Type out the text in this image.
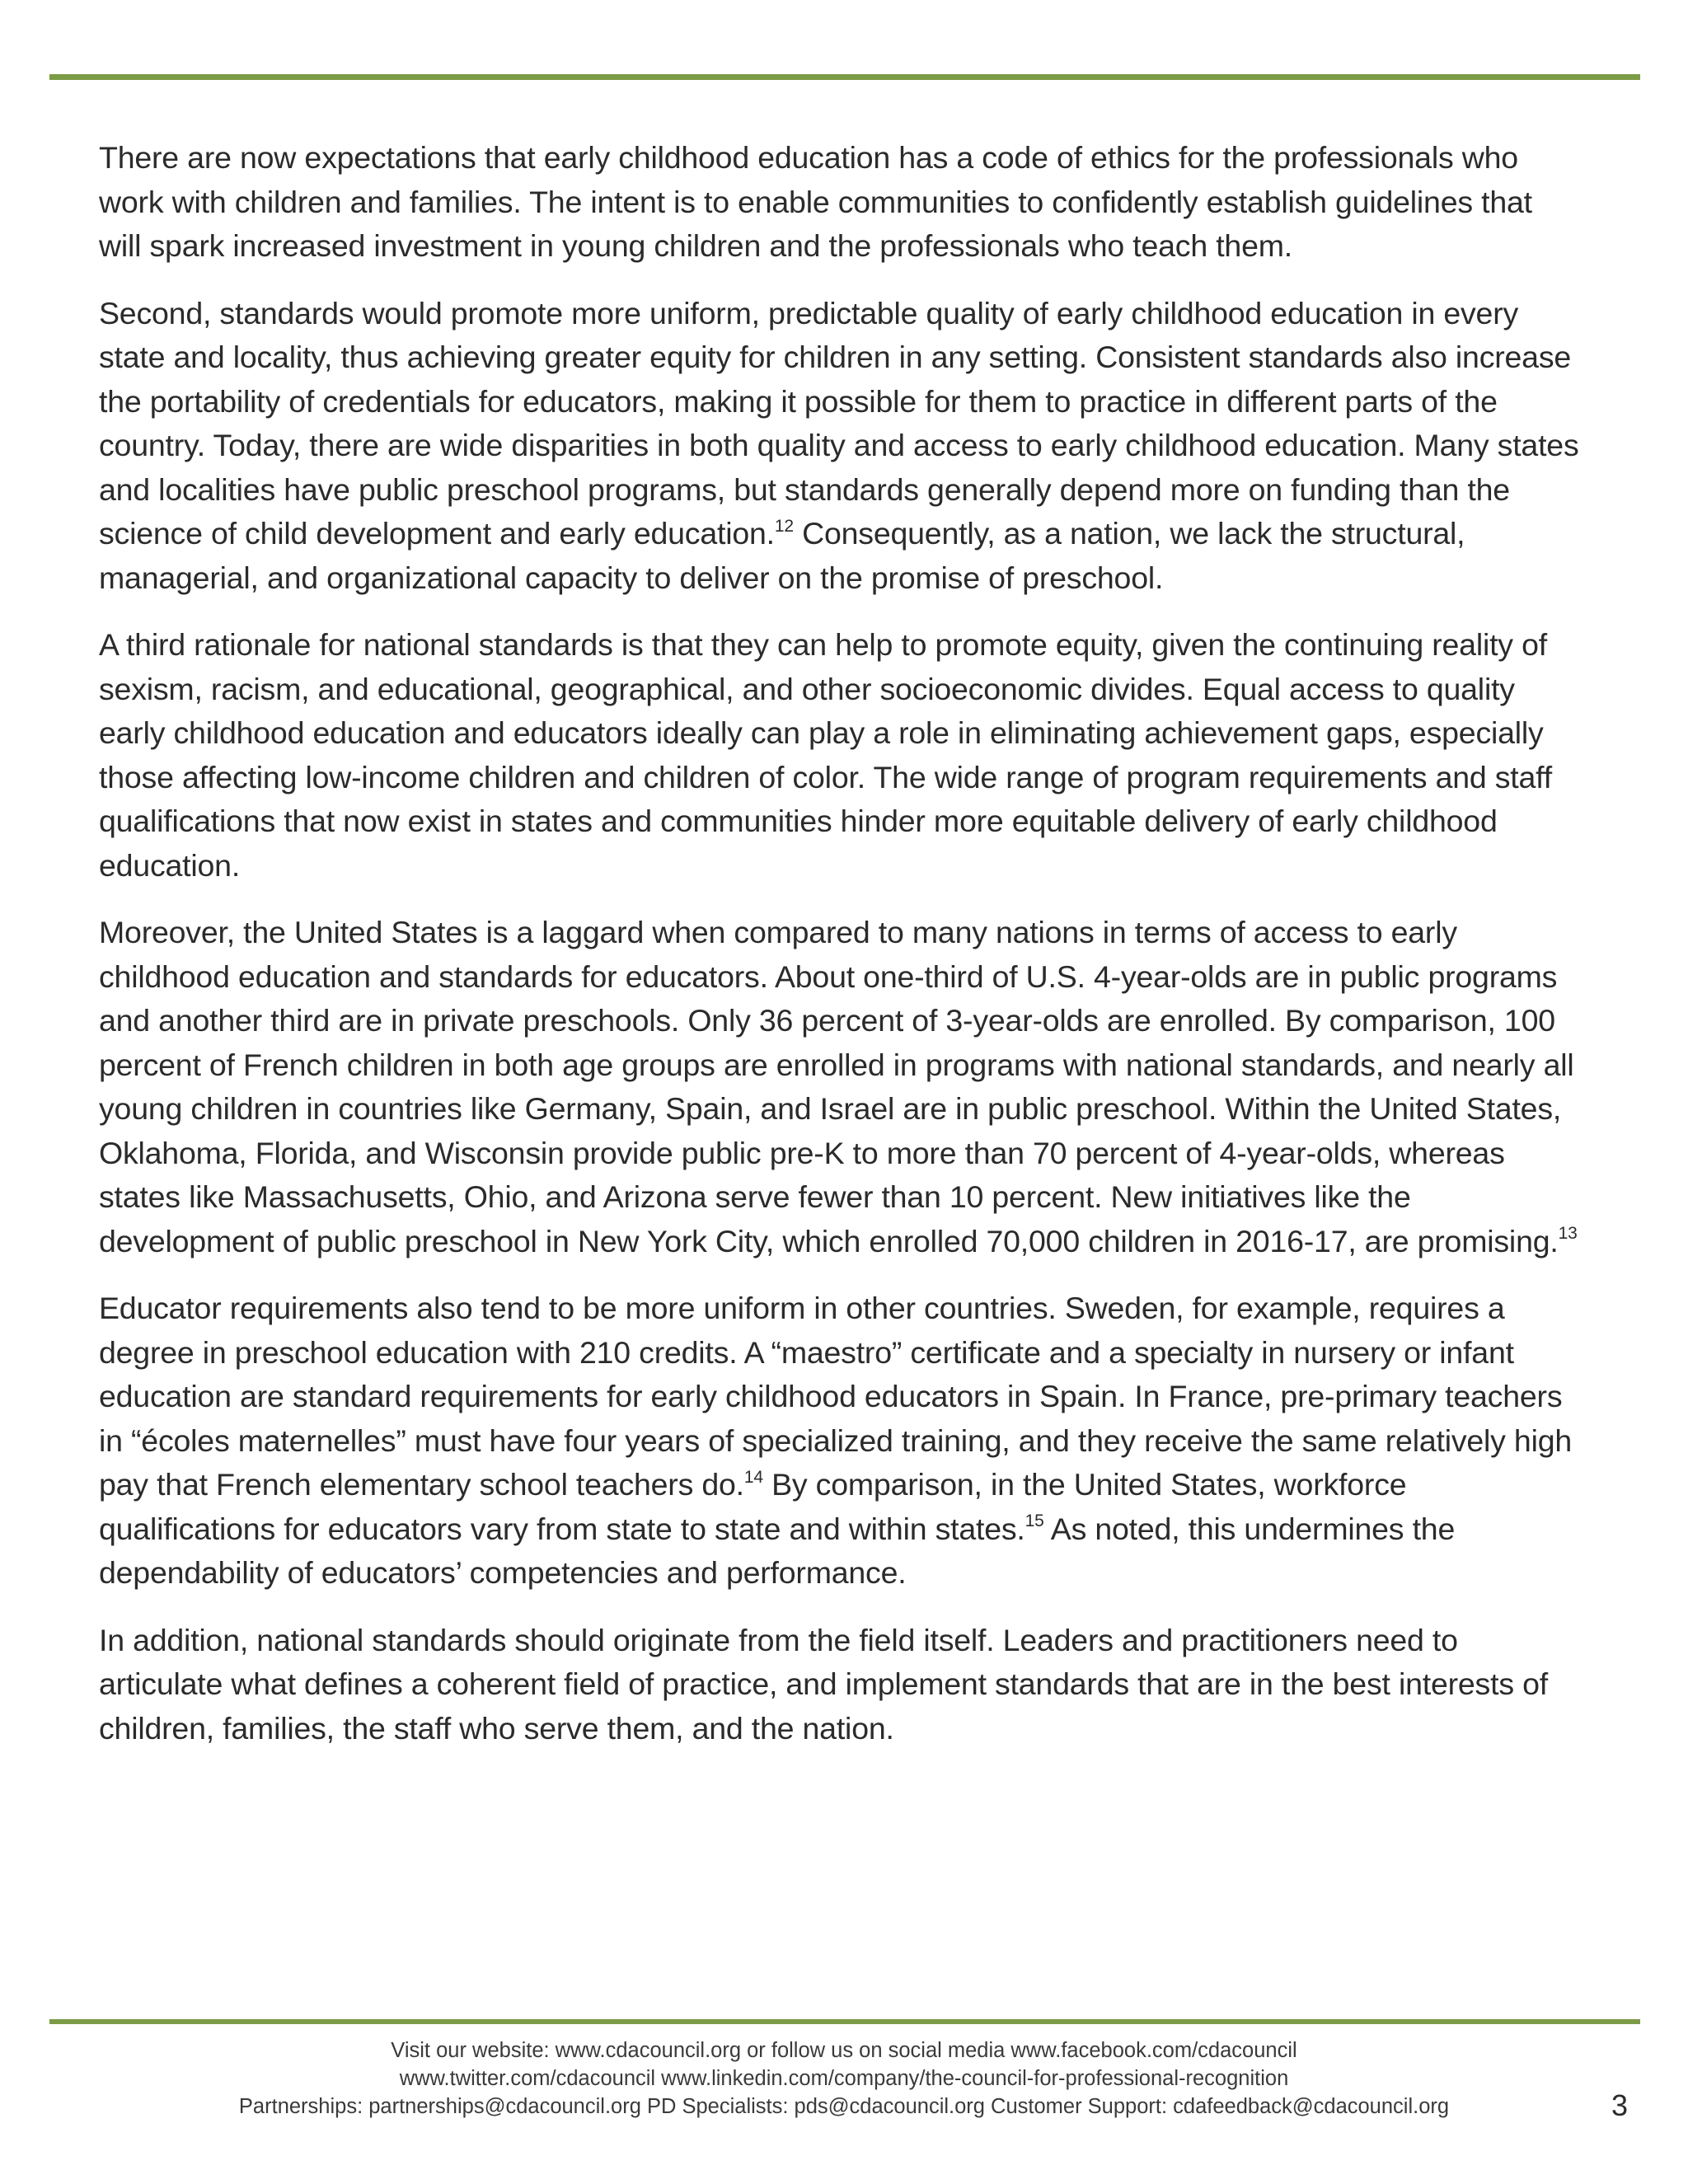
There are now expectations that early childhood education has a code of ethics for the professionals who work with children and families. The intent is to enable communities to confidently establish guidelines that will spark increased investment in young children and the professionals who teach them.

Second, standards would promote more uniform, predictable quality of early childhood education in every state and locality, thus achieving greater equity for children in any setting. Consistent standards also increase the portability of credentials for educators, making it possible for them to practice in different parts of the country. Today, there are wide disparities in both quality and access to early childhood education. Many states and localities have public preschool programs, but standards generally depend more on funding than the science of child development and early education.$^{12}$ Consequently, as a nation, we lack the structural, managerial, and organizational capacity to deliver on the promise of preschool.

A third rationale for national standards is that they can help to promote equity, given the continuing reality of sexism, racism, and educational, geographical, and other socioeconomic divides. Equal access to quality early childhood education and educators ideally can play a role in eliminating achievement gaps, especially those affecting low-income children and children of color. The wide range of program requirements and staff qualifications that now exist in states and communities hinder more equitable delivery of early childhood education.

Moreover, the United States is a laggard when compared to many nations in terms of access to early childhood education and standards for educators. About one-third of U.S. 4-year-olds are in public programs and another third are in private preschools. Only 36 percent of 3-year-olds are enrolled. By comparison, 100 percent of French children in both age groups are enrolled in programs with national standards, and nearly all young children in countries like Germany, Spain, and Israel are in public preschool. Within the United States, Oklahoma, Florida, and Wisconsin provide public pre-K to more than 70 percent of 4-year-olds, whereas states like Massachusetts, Ohio, and Arizona serve fewer than 10 percent. New initiatives like the development of public preschool in New York City, which enrolled 70,000 children in 2016-17, are promising.$^{13}$

Educator requirements also tend to be more uniform in other countries. Sweden, for example, requires a degree in preschool education with 210 credits. A “maestro” certificate and a specialty in nursery or infant education are standard requirements for early childhood educators in Spain. In France, pre-primary teachers in “écoles maternelles” must have four years of specialized training, and they receive the same relatively high pay that French elementary school teachers do.$^{14}$ By comparison, in the United States, workforce qualifications for educators vary from state to state and within states.$^{15}$ As noted, this undermines the dependability of educators’ competencies and performance.

In addition, national standards should originate from the field itself. Leaders and practitioners need to articulate what defines a coherent field of practice, and implement standards that are in the best interests of children, families, the staff who serve them, and the nation.

Visit our website: www.cdacouncil.org or follow us on social media www.facebook.com/cdacouncil
www.twitter.com/cdacouncil www.linkedin.com/company/the-council-for-professional-recognition
Partnerships: partnerships@cdacouncil.org PD Specialists: pds@cdacouncil.org Customer Support: cdafeedback@cdacouncil.org	3
